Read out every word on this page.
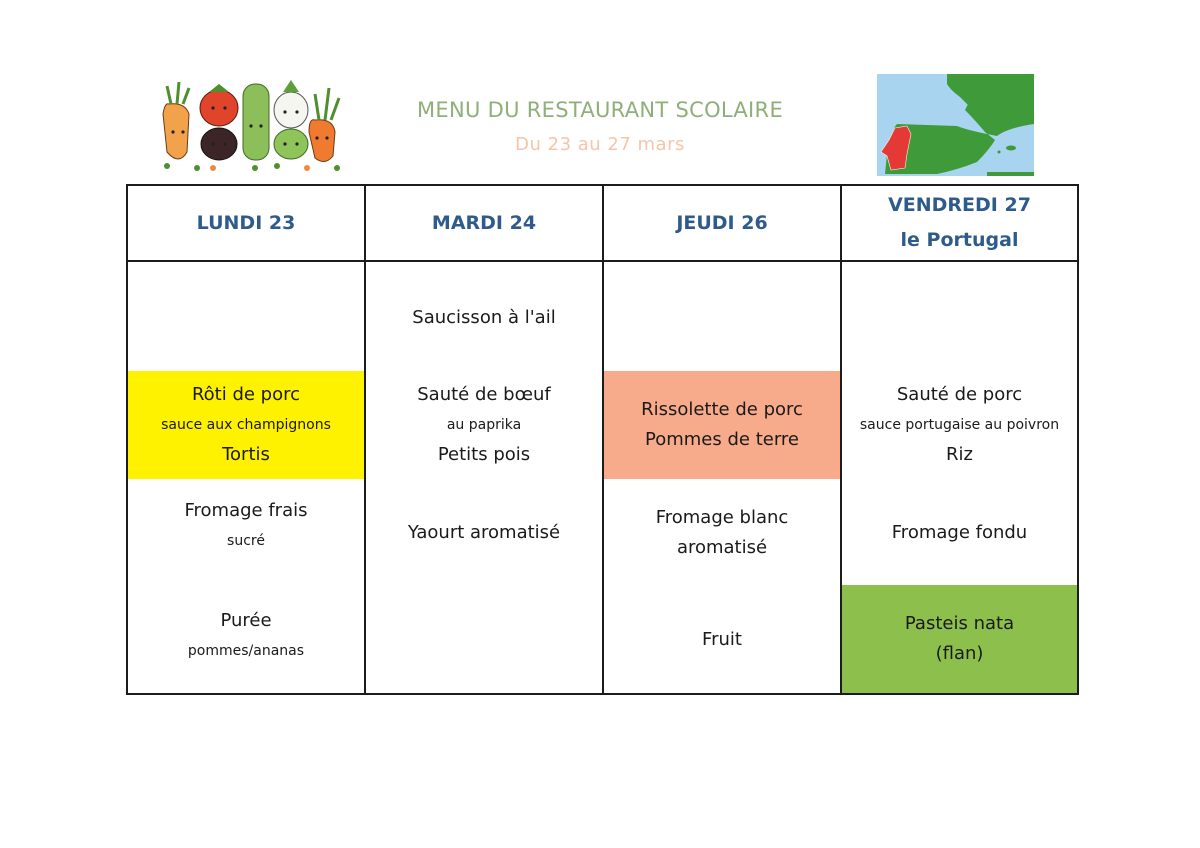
MENU DU RESTAURANT SCOLAIRE
Du 23 au 27 mars
LUNDI 23
Rôti de porc
sauce aux champignons
Tortis
Fromage frais
sucré
Purée
pommes/ananas
MARDI 24
Saucisson à l'ail
Sauté de bœuf
au paprika
Petits pois
Yaourt aromatisé
JEUDI 26
Rissolette de porc
Pommes de terre
Fromage blanc
aromatisé
Fruit
VENDREDI 27
le Portugal
Sauté de porc
sauce portugaise au poivron
Riz
Fromage fondu
Pasteis nata
(flan)
